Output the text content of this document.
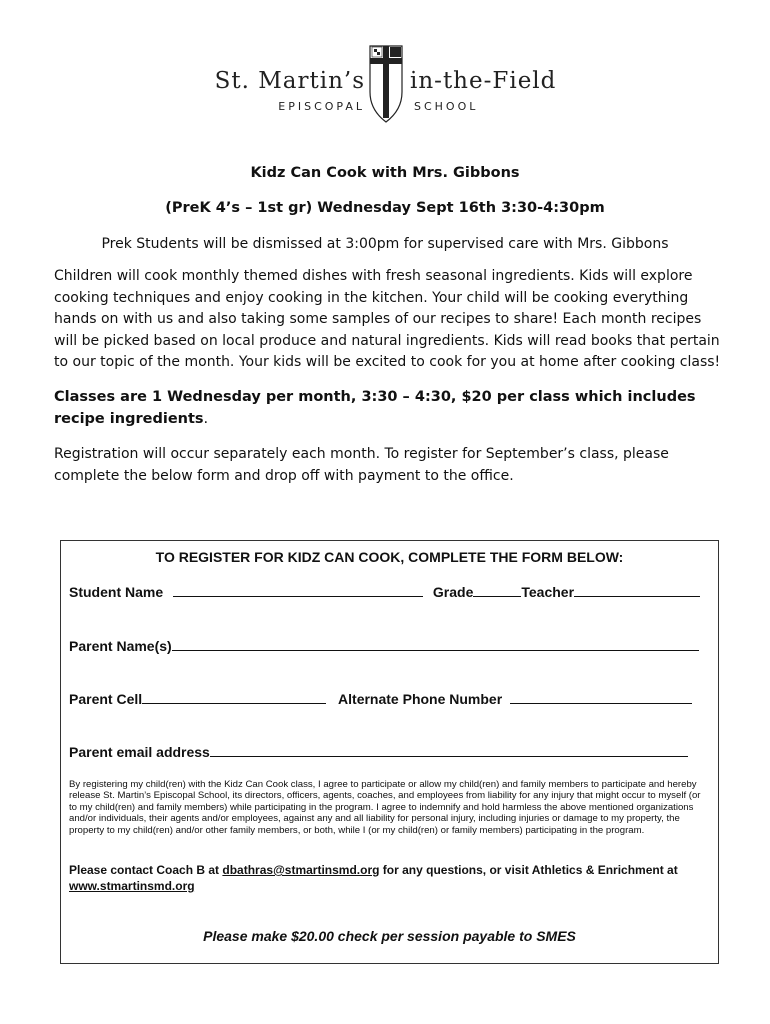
St. Martin’s
EPISCOPAL
in-the-Field
SCHOOL
Kidz Can Cook with Mrs. Gibbons
(PreK 4’s – 1st gr) Wednesday Sept 16th 3:30-4:30pm
Prek Students will be dismissed at 3:00pm for supervised care with Mrs. Gibbons
Children will cook monthly themed dishes with fresh seasonal ingredients. Kids will explore cooking techniques and enjoy cooking in the kitchen. Your child will be cooking everything hands on with us and also taking some samples of our recipes to share! Each month recipes will be picked based on local produce and natural ingredients. Kids will read books that pertain to our topic of the month. Your kids will be excited to cook for you at home after cooking class!
Classes are 1 Wednesday per month, 3:30 – 4:30, $20 per class which includes recipe ingredients.
Registration will occur separately each month. To register for September’s class, please complete the below form and drop off with payment to the office.
TO REGISTER FOR KIDZ CAN COOK, COMPLETE THE FORM BELOW:
Student Name	Grade	Teacher
Parent Name(s)
Parent Cell	Alternate Phone Number
Parent email address
By registering my child(ren) with the Kidz Can Cook class, I agree to participate or allow my child(ren) and family members to participate and hereby release St. Martin’s Episcopal School, its directors, officers, agents, coaches, and employees from liability for any injury that might occur to myself (or to my child(ren) and family members) while participating in the program. I agree to indemnify and hold harmless the above mentioned organizations and/or individuals, their agents and/or employees, against any and all liability for personal injury, including injuries or damage to my property, the property to my child(ren) and/or other family members, or both, while I (or my child(ren) or family members) participating in the program.
Please contact Coach B at dbathras@stmartinsmd.org for any questions, or visit Athletics & Enrichment at www.stmartinsmd.org
Please make $20.00 check per session payable to SMES
